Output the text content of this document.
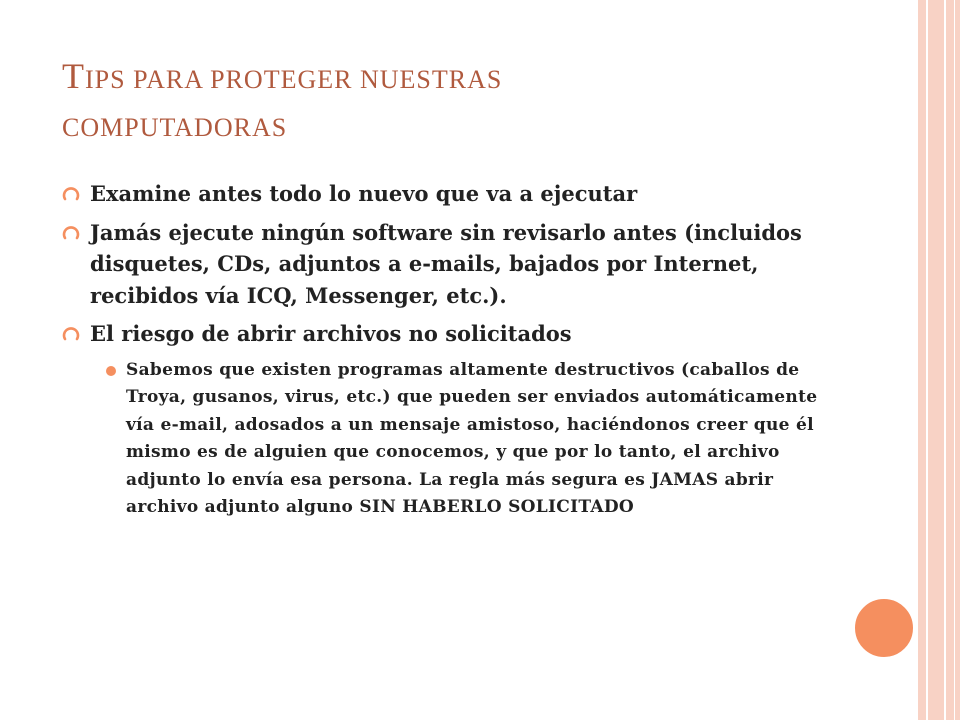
TIPS PARA PROTEGER NUESTRAS
COMPUTADORAS
Examine antes todo lo nuevo que va a ejecutar
Jamás ejecute ningún software sin revisarlo antes (incluidos disquetes, CDs, adjuntos a e-mails, bajados por Internet, recibidos vía ICQ, Messenger, etc.).
El riesgo de abrir archivos no solicitados
Sabemos que existen programas altamente destructivos (caballos de Troya, gusanos, virus, etc.) que pueden ser enviados automáticamente vía e-mail, adosados a un mensaje amistoso, haciéndonos creer que él mismo es de alguien que conocemos, y que por lo tanto, el archivo adjunto lo envía esa persona. La regla más segura es JAMAS abrir archivo adjunto alguno SIN HABERLO SOLICITADO
